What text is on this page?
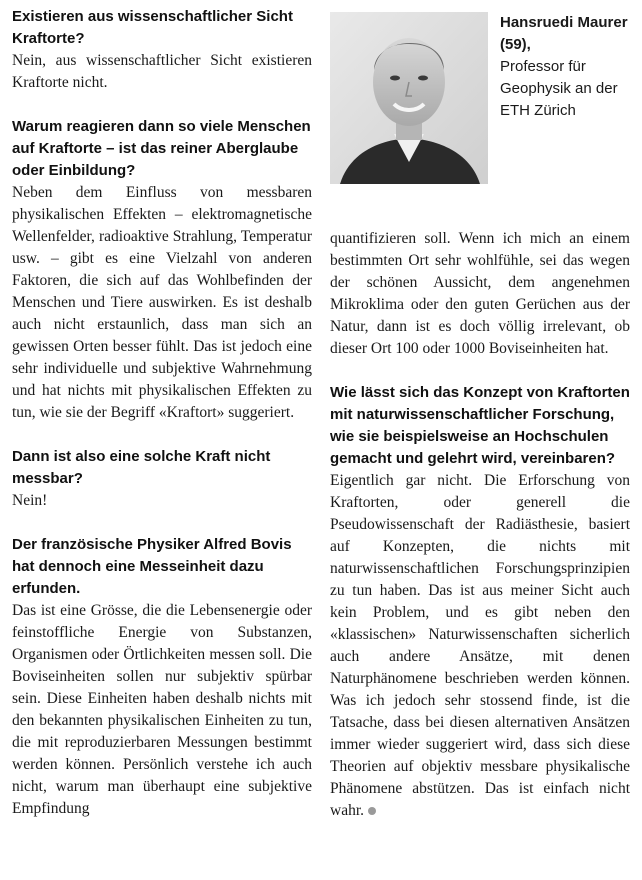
Existieren aus wissenschaftlicher Sicht Kraftorte?

Nein, aus wissenschaftlicher Sicht existieren Kraftorte nicht.

Warum reagieren dann so viele Menschen auf Kraftorte – ist das reiner Aberglaube oder Einbildung?

Neben dem Einfluss von messbaren physikalischen Effekten – elektromagnetische Wellenfelder, radioaktive Strahlung, Temperatur usw. – gibt es eine Vielzahl von anderen Faktoren, die sich auf das Wohlbefinden der Menschen und Tiere auswirken. Es ist deshalb auch nicht erstaunlich, dass man sich an gewissen Orten besser fühlt. Das ist jedoch eine sehr individuelle und subjektive Wahrnehmung und hat nichts mit physikalischen Effekten zu tun, wie sie der Begriff «Kraftort» suggeriert.

Dann ist also eine solche Kraft nicht messbar?

Nein!

Der französische Physiker Alfred Bovis hat dennoch eine Messeinheit dazu erfunden.

Das ist eine Grösse, die die Lebensenergie oder feinstoffliche Energie von Substanzen, Organismen oder Örtlichkeiten messen soll. Die Boviseinheiten sollen nur subjektiv spürbar sein. Diese Einheiten haben deshalb nichts mit den bekannten physikalischen Einheiten zu tun, die mit reproduzierbaren Messungen bestimmt werden können. Persönlich verstehe ich auch nicht, warum man überhaupt eine subjektive Empfindung

Hansruedi Maurer (59),
Professor für Geophysik an der ETH Zürich

quantifizieren soll. Wenn ich mich an einem bestimmten Ort sehr wohlfühle, sei das wegen der schönen Aussicht, dem angenehmen Mikroklima oder den guten Gerüchen aus der Natur, dann ist es doch völlig irrelevant, ob dieser Ort 100 oder 1000 Boviseinheiten hat.

Wie lässt sich das Konzept von Kraftorten mit naturwissenschaftlicher Forschung, wie sie beispielsweise an Hochschulen gemacht und gelehrt wird, vereinbaren?

Eigentlich gar nicht. Die Erforschung von Kraftorten, oder generell die Pseudowissenschaft der Radiästhesie, basiert auf Konzepten, die nichts mit naturwissenschaftlichen Forschungsprinzipien zu tun haben. Das ist aus meiner Sicht auch kein Problem, und es gibt neben den «klassischen» Naturwissenschaften sicherlich auch andere Ansätze, mit denen Naturphänomene beschrieben werden können. Was ich jedoch sehr stossend finde, ist die Tatsache, dass bei diesen alternativen Ansätzen immer wieder suggeriert wird, dass sich diese Theorien auf objektiv messbare physikalische Phänomene abstützen. Das ist einfach nicht wahr.
